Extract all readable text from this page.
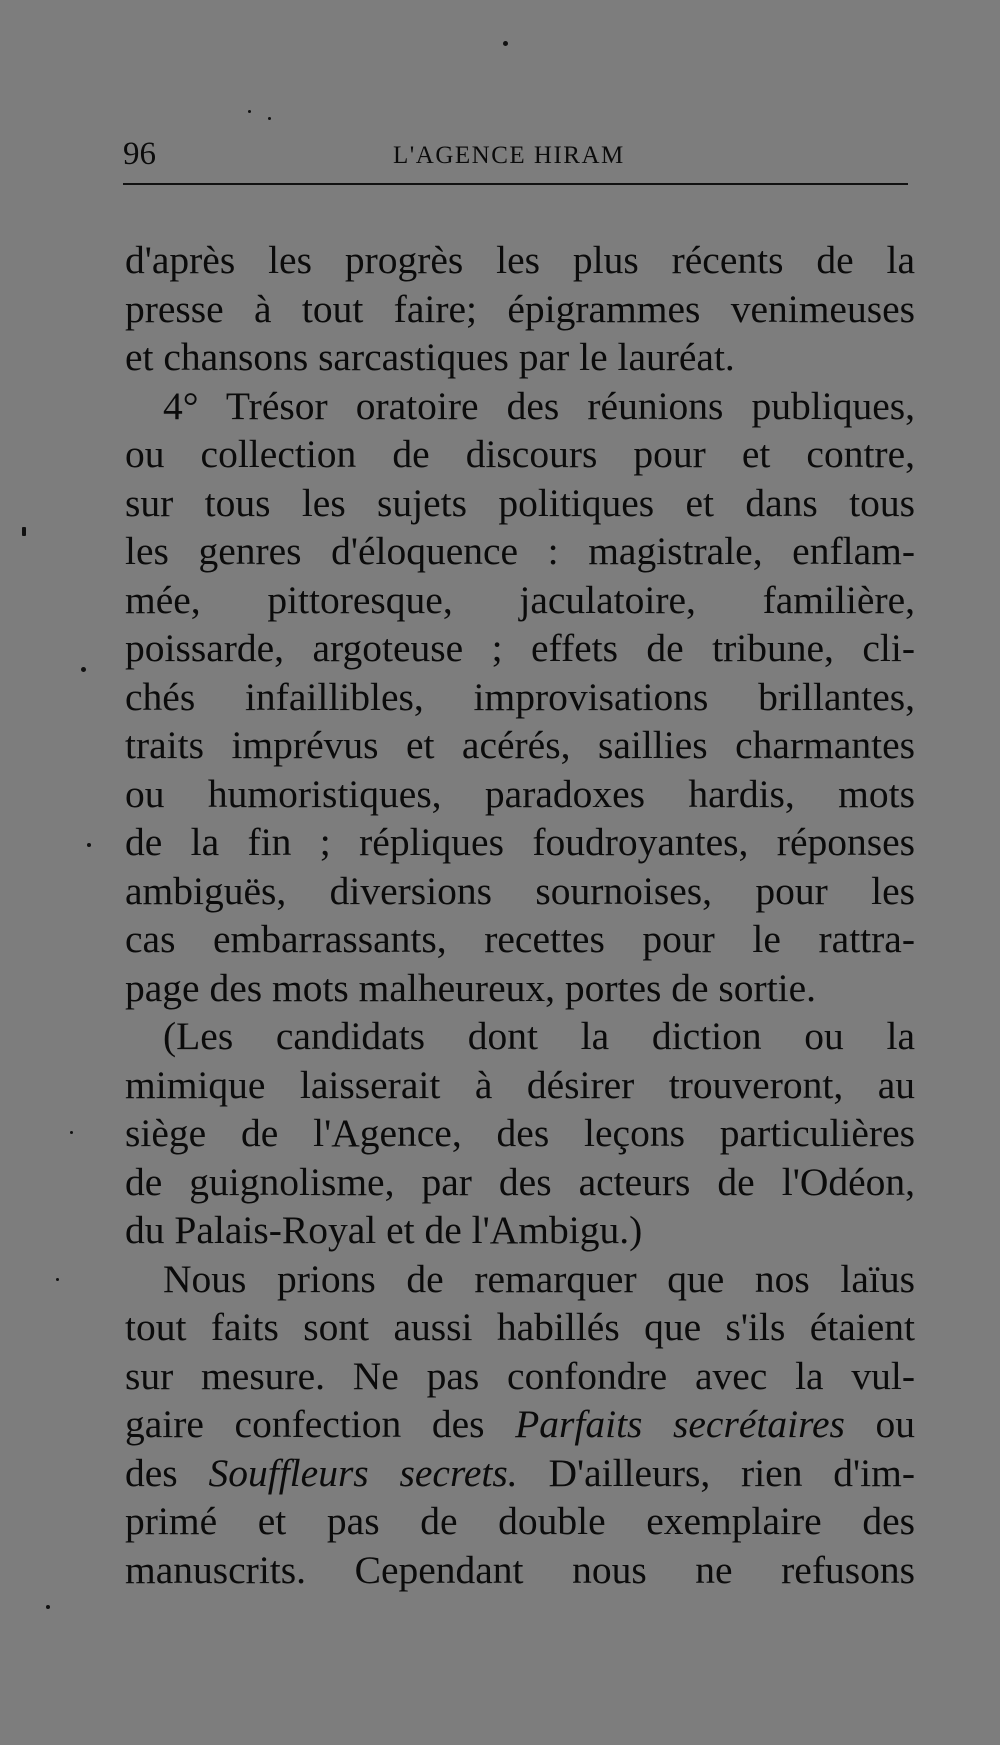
96	L'AGENCE HIRAM
d'après les progrès les plus récents de la
presse à tout faire; épigrammes venimeuses
et chansons sarcastiques par le lauréat.
4° Trésor oratoire des réunions publiques,
ou collection de discours pour et contre,
sur tous les sujets politiques et dans tous
les genres d'éloquence : magistrale, enflam-
mée, pittoresque, jaculatoire, familière,
poissarde, argoteuse ; effets de tribune, cli-
chés infaillibles, improvisations brillantes,
traits imprévus et acérés, saillies charmantes
ou humoristiques, paradoxes hardis, mots
de la fin ; répliques foudroyantes, réponses
ambiguës, diversions sournoises, pour les
cas embarrassants, recettes pour le rattra-
page des mots malheureux, portes de sortie.
(Les candidats dont la diction ou la
mimique laisserait à désirer trouveront, au
siège de l'Agence, des leçons particulières
de guignolisme, par des acteurs de l'Odéon,
du Palais-Royal et de l'Ambigu.)
Nous prions de remarquer que nos laïus
tout faits sont aussi habillés que s'ils étaient
sur mesure. Ne pas confondre avec la vul-
gaire confection des Parfaits secrétaires ou
des Souffleurs secrets. D'ailleurs, rien d'im-
primé et pas de double exemplaire des
manuscrits. Cependant nous ne refusons
